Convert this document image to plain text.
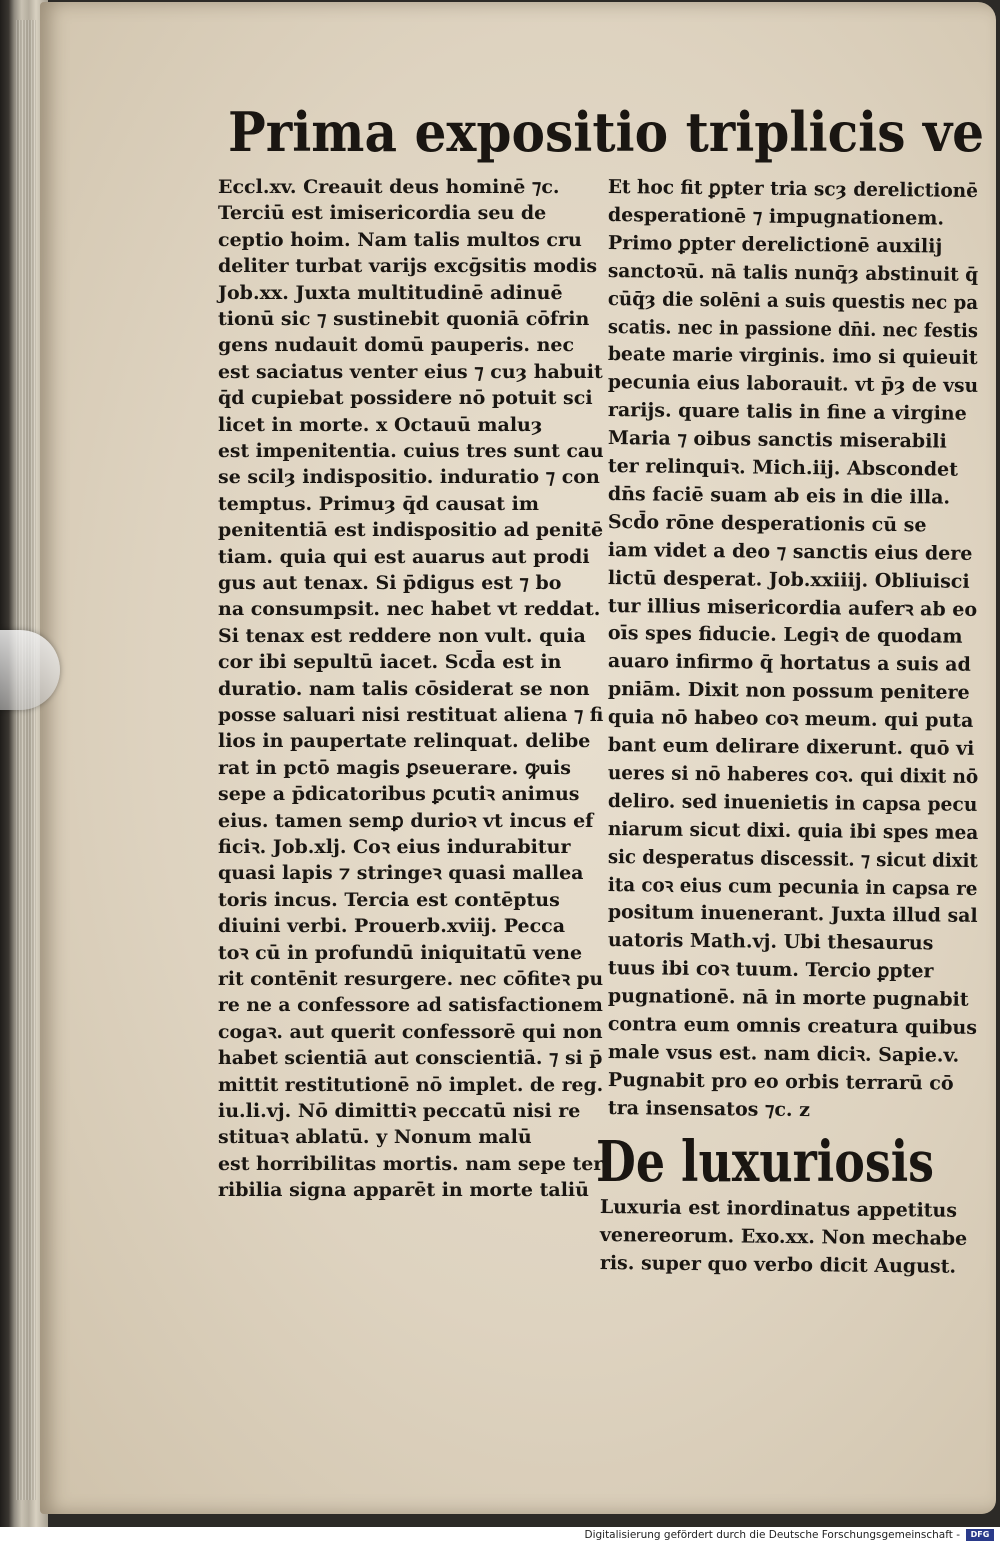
Prima expositio triplicis ve
Eccl.xv. Creauit deus hominē ⁊c.
Terciū est imisericordia seu de
ceptio hoim. Nam talis multos cru
deliter turbat varijs excḡsitis modis
Job.xx. Juxta multitudinē adinuē
tionū sic ⁊ sustinebit quoniā cōfrin
gens nudauit domū pauperis. nec
est saciatus venter eius ⁊ cuȝ habuit
q̄d cupiebat possidere nō potuit sci
licet in morte. x Octauū maluȝ
est impenitentia. cuius tres sunt cau
se scilȝ indispositio. induratio ⁊ con
temptus. Primuȝ q̄d causat im
penitentiā est indispositio ad penitē
tiam. quia qui est auarus aut prodi
gus aut tenax. Si p̄digus est ⁊ bo
na consumpsit. nec habet vt reddat.
Si tenax est reddere non vult. quia
cor ibi sepultū iacet. Scd̄a est in
duratio. nam talis cōsiderat se non
posse saluari nisi restituat aliena ⁊ fi
lios in paupertate relinquat. delibe
rat in pctō magis ꝑseuerare. ꝙuis
sepe a p̄dicatoribus ꝑcutiꝛ animus
eius. tamen semꝑ durioꝛ vt incus ef
ficiꝛ. Job.xlj. Coꝛ eius indurabitur
quasi lapis ⁊ stringeꝛ quasi mallea
toris incus. Tercia est contēptus
diuini verbi. Prouerb.xviij. Pecca
toꝛ cū in profundū iniquitatū vene
rit contēnit resurgere. nec cōfiteꝛ pu
re ne a confessore ad satisfactionem
cogaꝛ. aut querit confessorē qui non
habet scientiā aut conscientiā. ⁊ si p̄
mittit restitutionē nō implet. de reg.
iu.li.vj. Nō dimittiꝛ peccatū nisi re
stituaꝛ ablatū. y Nonum malū
est horribilitas mortis. nam sepe ter
ribilia signa apparēt in morte taliū
Et hoc fit ꝑpter tria scȝ derelictionē
desperationē ⁊ impugnationem.
Primo ꝑpter derelictionē auxilij
sanctoꝛū. nā talis nunq̄ȝ abstinuit q̄
cūq̄ȝ die solēni a suis questis nec pa
scatis. nec in passione dn̄i. nec festis
beate marie virginis. imo si quieuit
pecunia eius laborauit. vt p̄ȝ de vsu
rarijs. quare talis in fine a virgine
Maria ⁊ oibus sanctis miserabili
ter relinquiꝛ. Mich.iij. Abscondet
dn̄s faciē suam ab eis in die illa.
Scd̄o rōne desperationis cū se
iam videt a deo ⁊ sanctis eius dere
lictū desperat. Job.xxiiij. Obliuisci
tur illius misericordia auferꝛ ab eo
oīs spes fiducie. Legiꝛ de quodam
auaro infirmo q̄ hortatus a suis ad
pniām. Dixit non possum penitere
quia nō habeo coꝛ meum. qui puta
bant eum delirare dixerunt. quō vi
ueres si nō haberes coꝛ. qui dixit nō
deliro. sed inuenietis in capsa pecu
niarum sicut dixi. quia ibi spes mea
sic desperatus discessit. ⁊ sicut dixit
ita coꝛ eius cum pecunia in capsa re
positum inuenerant. Juxta illud sal
uatoris Math.vj. Ubi thesaurus
tuus ibi coꝛ tuum. Tercio ꝑpter
pugnationē. nā in morte pugnabit
contra eum omnis creatura quibus
male vsus est. nam diciꝛ. Sapie.v.
Pugnabit pro eo orbis terrarū cō
tra insensatos ⁊c. z
De luxuriosis
Luxuria est inordinatus appetitus
venereorum. Exo.xx. Non mechabe
ris. super quo verbo dicit August.
Digitalisierung gefördert durch die Deutsche Forschungsgemeinschaft -	DFG
